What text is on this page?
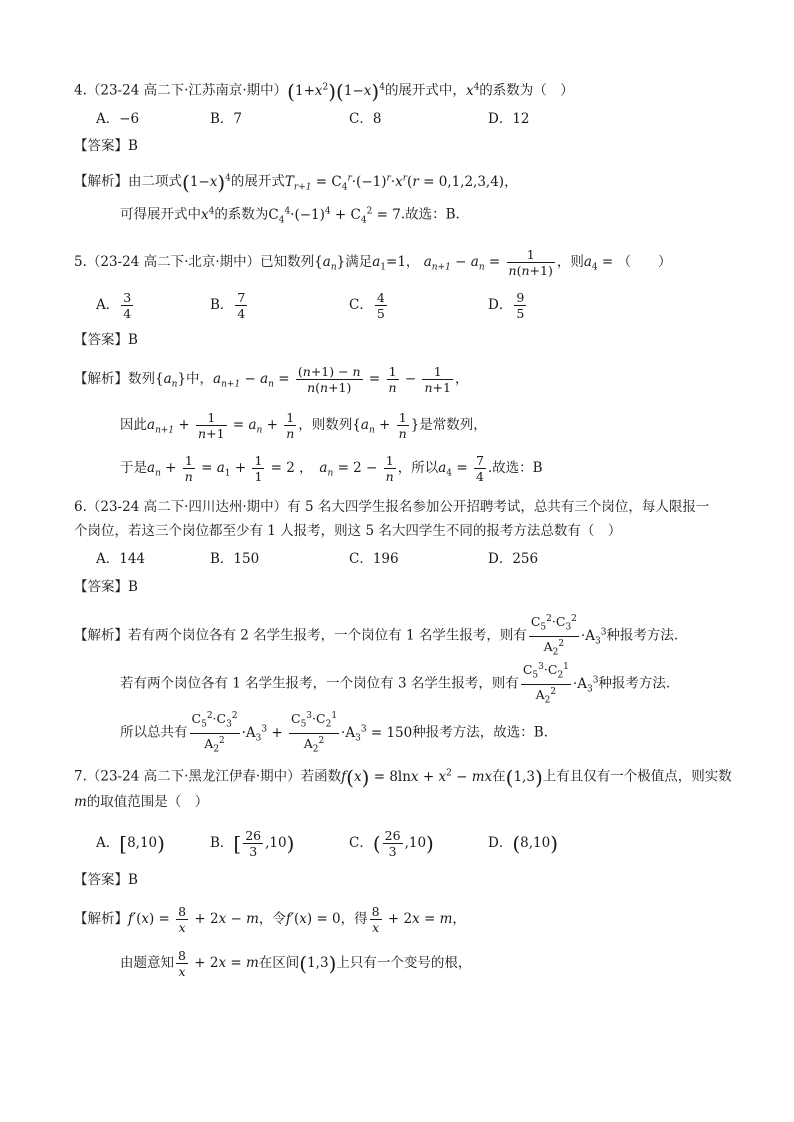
4.（23-24 高二下·江苏南京·期中）$(1+x^2)(1-x)^4$的展开式中，$x^4$的系数为（　）
A．−6	B．7	C．8	D．12
【答案】B
【解析】由二项式$(1-x)^4$的展开式$T_{r+1} = C_4^r\cdot(-1)^r\cdot x^r(r = 0,1,2,3,4)$，
可得展开式中$x^4$的系数为$C_4^4\cdot(-1)^4 + C_4^2 = 7$.故选：B.
5.（23-24 高二下·北京·期中）已知数列$\{a_n\}$满足$a_1=1$， $a_{n+1} - a_n = \frac{1}{n(n+1)}$ ，则$a_4$ = （　　）
A． $\frac{3}{4}$	B． $\frac{7}{4}$	C． $\frac{4}{5}$	D． $\frac{9}{5}$
【答案】B
【解析】数列$\{a_n\}$中，$a_{n+1} - a_n = \frac{(n+1) - n}{n(n+1)} = \frac{1}{n} - \frac{1}{n+1}$ ，
因此$a_{n+1} + \frac{1}{n+1} = a_n + \frac{1}{n}$ ，则数列{$a_n + \frac{1}{n}$ }是常数列，
于是$a_n + \frac{1}{n} = a_1 + \frac{1}{1} = 2$ ，　$a_n = 2 - \frac{1}{n}$ ，所以$a_4 = \frac{7}{4}$ .故选：B
6.（23-24 高二下·四川达州·期中）有 5 名大四学生报名参加公开招聘考试，总共有三个岗位，每人限报一
个岗位，若这三个岗位都至少有 1 人报考，则这 5 名大四学生不同的报考方法总数有（　）
A．144	B．150	C．196	D．256
【答案】B
【解析】若有两个岗位各有 2 名学生报考，一个岗位有 1 名学生报考，则有 $\frac{C_5^2\cdot C_3^2}{A_2^2} \cdot A_3^3$种报考方法.
若有两个岗位各有 1 名学生报考，一个岗位有 3 名学生报考，则有 $\frac{C_5^3\cdot C_2^1}{A_2^2} \cdot A_3^3$种报考方法.
所以总共有 $\frac{C_5^2\cdot C_3^2}{A_2^2} \cdot A_3^3 + \frac{C_5^3\cdot C_2^1}{A_2^2} \cdot A_3^3 = 150$种报考方法，故选：B.
7.（23-24 高二下·黑龙江伊春·期中）若函数$f(x) = 8\ln x + x^2$ − mx在(1,3)上有且仅有一个极值点，则实数
m的取值范围是（　）
A．[8,10)	B．[ $\frac{26}{3} ,10$)	C．( $\frac{26}{3} ,10$)	D．(8,10)
【答案】B
【解析】$f'(x) = \frac{8}{x} + 2x - m$，令f′(x) = 0，得 $\frac{8}{x} + 2x = m$，
由题意知 $\frac{8}{x} + 2x = m$在区间(1,3)上只有一个变号的根，
